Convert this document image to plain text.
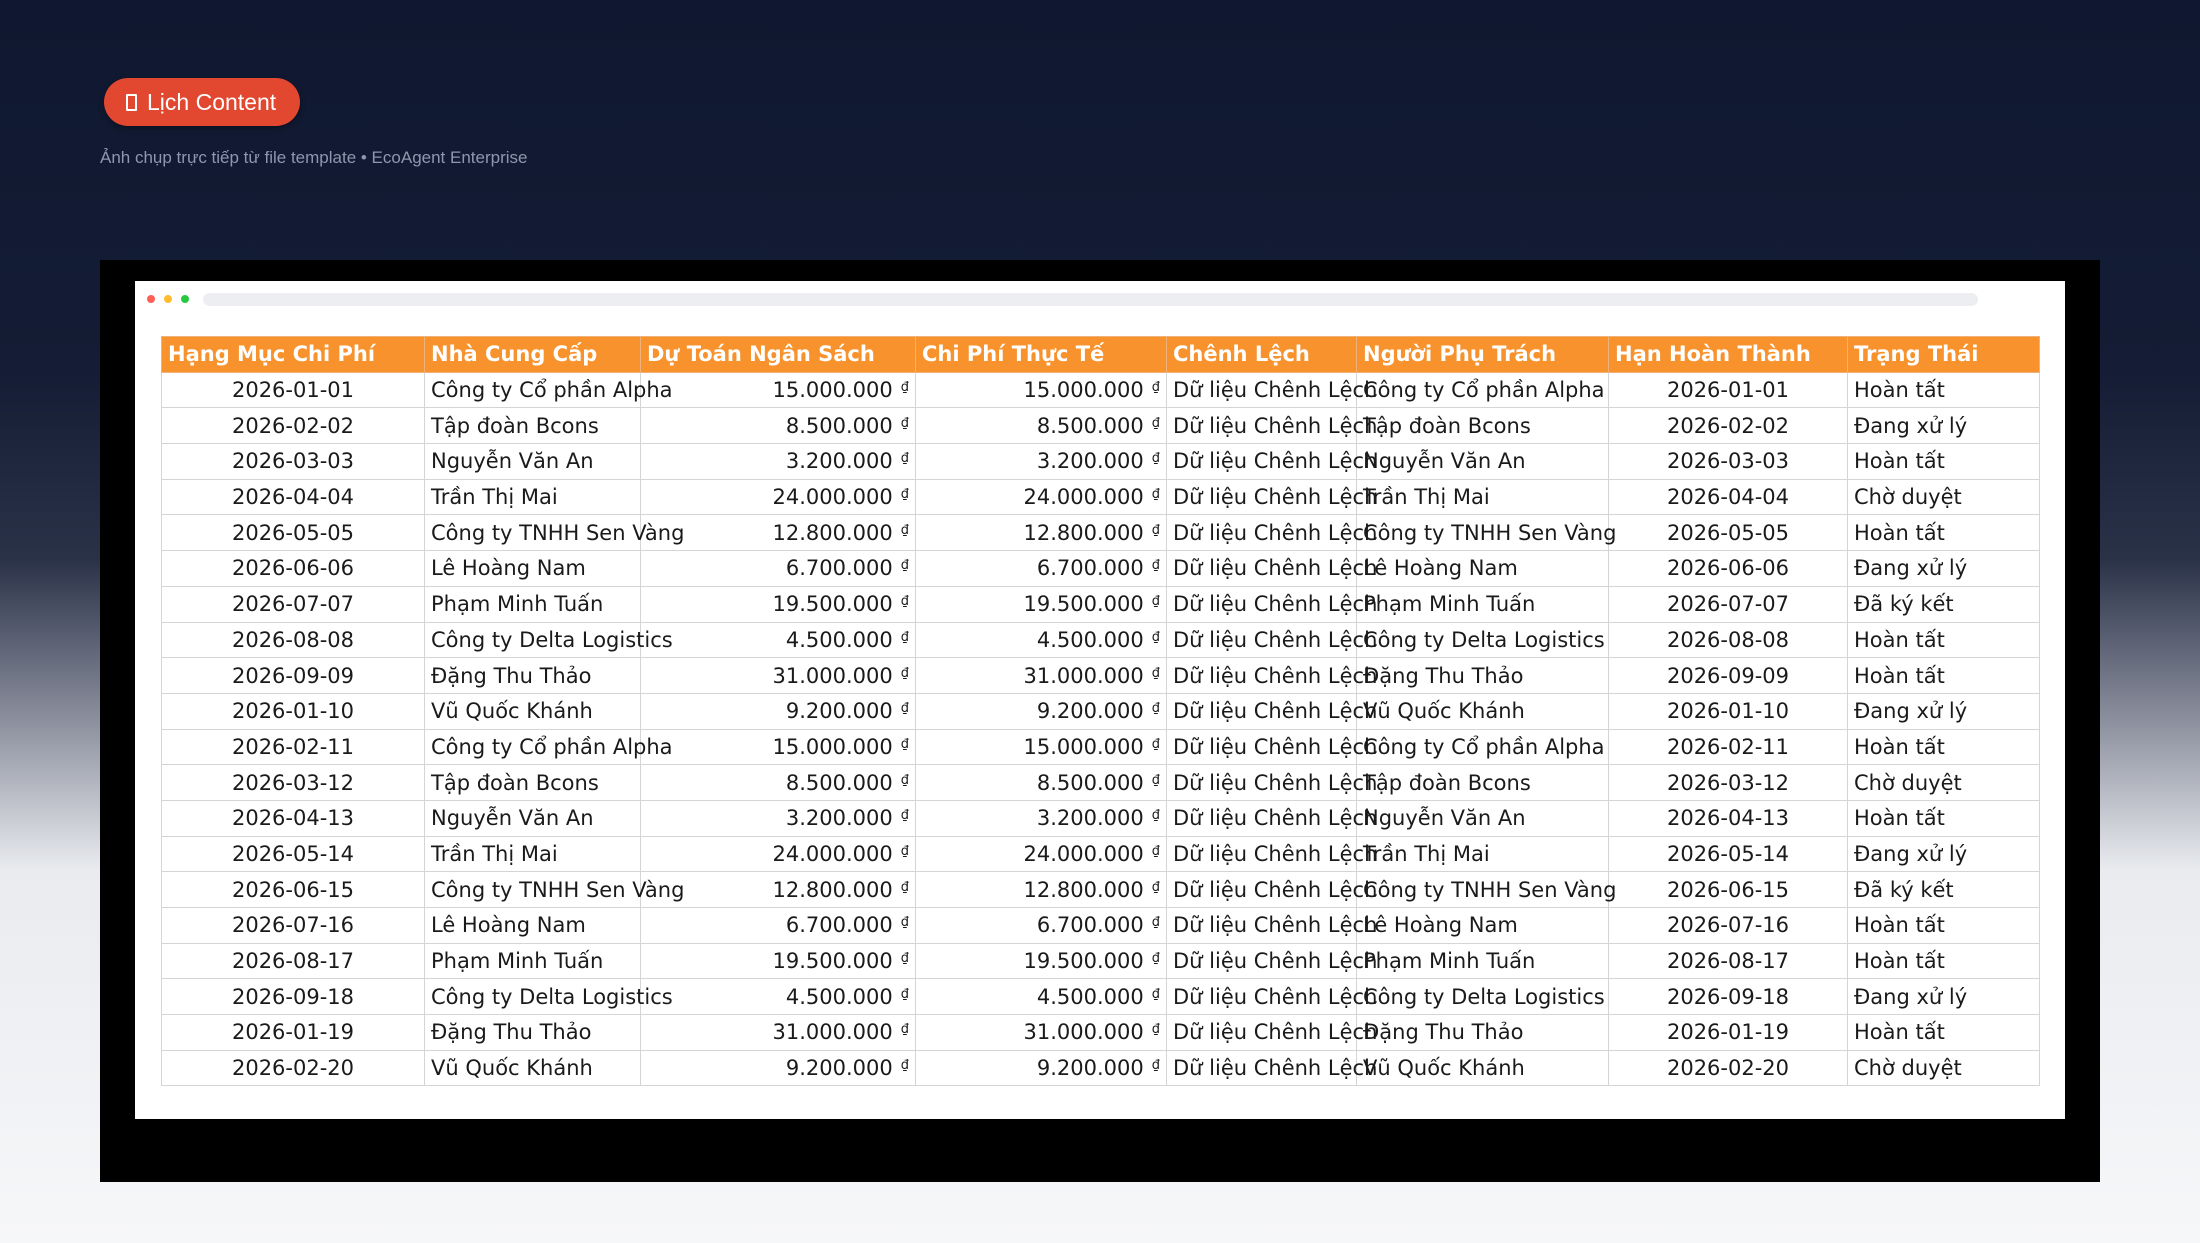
Lịch Content
Ảnh chụp trực tiếp từ file template • EcoAgent Enterprise
Hạng Mục Chi Phí	Nhà Cung Cấp	Dự Toán Ngân Sách	Chi Phí Thực Tế	Chênh Lệch	Người Phụ Trách	Hạn Hoàn Thành	Trạng Thái
2026-01-01	Công ty Cổ phần Alpha	15.000.000 ₫	15.000.000 ₫	Dữ liệu Chênh Lệch	Công ty Cổ phần Alpha	2026-01-01	Hoàn tất
2026-02-02	Tập đoàn Bcons	8.500.000 ₫	8.500.000 ₫	Dữ liệu Chênh Lệch	Tập đoàn Bcons	2026-02-02	Đang xử lý
2026-03-03	Nguyễn Văn An	3.200.000 ₫	3.200.000 ₫	Dữ liệu Chênh Lệch	Nguyễn Văn An	2026-03-03	Hoàn tất
2026-04-04	Trần Thị Mai	24.000.000 ₫	24.000.000 ₫	Dữ liệu Chênh Lệch	Trần Thị Mai	2026-04-04	Chờ duyệt
2026-05-05	Công ty TNHH Sen Vàng	12.800.000 ₫	12.800.000 ₫	Dữ liệu Chênh Lệch	Công ty TNHH Sen Vàng	2026-05-05	Hoàn tất
2026-06-06	Lê Hoàng Nam	6.700.000 ₫	6.700.000 ₫	Dữ liệu Chênh Lệch	Lê Hoàng Nam	2026-06-06	Đang xử lý
2026-07-07	Phạm Minh Tuấn	19.500.000 ₫	19.500.000 ₫	Dữ liệu Chênh Lệch	Phạm Minh Tuấn	2026-07-07	Đã ký kết
2026-08-08	Công ty Delta Logistics	4.500.000 ₫	4.500.000 ₫	Dữ liệu Chênh Lệch	Công ty Delta Logistics	2026-08-08	Hoàn tất
2026-09-09	Đặng Thu Thảo	31.000.000 ₫	31.000.000 ₫	Dữ liệu Chênh Lệch	Đặng Thu Thảo	2026-09-09	Hoàn tất
2026-01-10	Vũ Quốc Khánh	9.200.000 ₫	9.200.000 ₫	Dữ liệu Chênh Lệch	Vũ Quốc Khánh	2026-01-10	Đang xử lý
2026-02-11	Công ty Cổ phần Alpha	15.000.000 ₫	15.000.000 ₫	Dữ liệu Chênh Lệch	Công ty Cổ phần Alpha	2026-02-11	Hoàn tất
2026-03-12	Tập đoàn Bcons	8.500.000 ₫	8.500.000 ₫	Dữ liệu Chênh Lệch	Tập đoàn Bcons	2026-03-12	Chờ duyệt
2026-04-13	Nguyễn Văn An	3.200.000 ₫	3.200.000 ₫	Dữ liệu Chênh Lệch	Nguyễn Văn An	2026-04-13	Hoàn tất
2026-05-14	Trần Thị Mai	24.000.000 ₫	24.000.000 ₫	Dữ liệu Chênh Lệch	Trần Thị Mai	2026-05-14	Đang xử lý
2026-06-15	Công ty TNHH Sen Vàng	12.800.000 ₫	12.800.000 ₫	Dữ liệu Chênh Lệch	Công ty TNHH Sen Vàng	2026-06-15	Đã ký kết
2026-07-16	Lê Hoàng Nam	6.700.000 ₫	6.700.000 ₫	Dữ liệu Chênh Lệch	Lê Hoàng Nam	2026-07-16	Hoàn tất
2026-08-17	Phạm Minh Tuấn	19.500.000 ₫	19.500.000 ₫	Dữ liệu Chênh Lệch	Phạm Minh Tuấn	2026-08-17	Hoàn tất
2026-09-18	Công ty Delta Logistics	4.500.000 ₫	4.500.000 ₫	Dữ liệu Chênh Lệch	Công ty Delta Logistics	2026-09-18	Đang xử lý
2026-01-19	Đặng Thu Thảo	31.000.000 ₫	31.000.000 ₫	Dữ liệu Chênh Lệch	Đặng Thu Thảo	2026-01-19	Hoàn tất
2026-02-20	Vũ Quốc Khánh	9.200.000 ₫	9.200.000 ₫	Dữ liệu Chênh Lệch	Vũ Quốc Khánh	2026-02-20	Chờ duyệt
